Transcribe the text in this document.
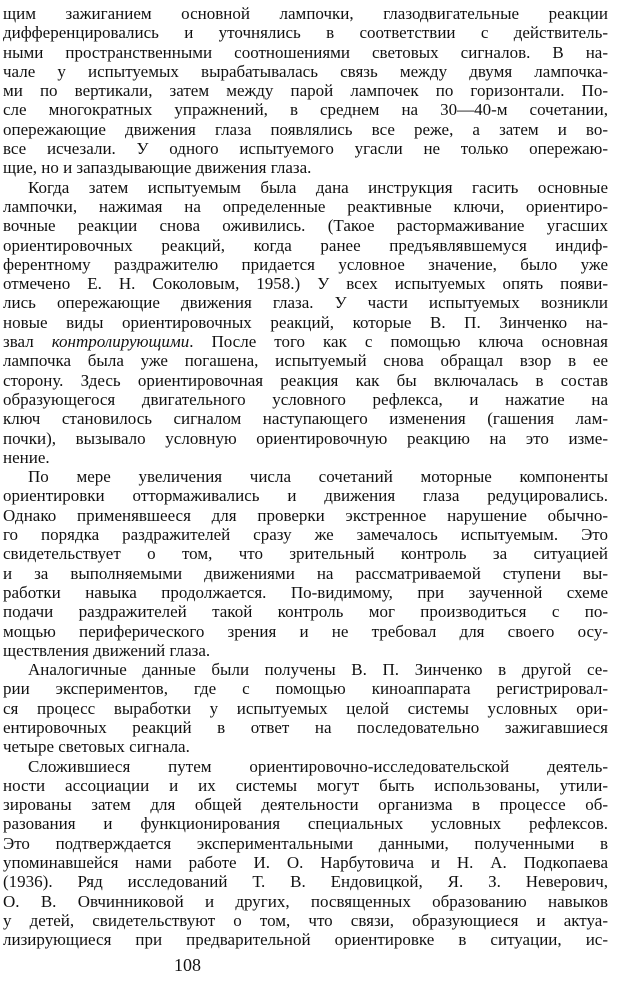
щим зажиганием основной лампочки, глазодвигательные реакции
дифференцировались и уточнялись в соответствии с действитель-
ными пространственными соотношениями световых сигналов. В на-
чале у испытуемых вырабатывалась связь между двумя лампочка-
ми по вертикали, затем между парой лампочек по горизонтали. По-
сле многократных упражнений, в среднем на 30—40-м сочетании,
опережающие движения глаза появлялись все реже, а затем и во-
все исчезали. У одного испытуемого угасли не только опережаю-
щие, но и запаздывающие движения глаза.
Когда затем испытуемым была дана инструкция гасить основные
лампочки, нажимая на определенные реактивные ключи, ориентиро-
вочные реакции снова оживились. (Такое растормаживание угасших
ориентировочных реакций, когда ранее предъявлявшемуся индиф-
ферентному раздражителю придается условное значение, было уже
отмечено Е. Н. Соколовым, 1958.) У всех испытуемых опять появи-
лись опережающие движения глаза. У части испытуемых возникли
новые виды ориентировочных реакций, которые В. П. Зинченко на-
звал контролирующими. После того как с помощью ключа основная
лампочка была уже погашена, испытуемый снова обращал взор в ее
сторону. Здесь ориентировочная реакция как бы включалась в состав
образующегося двигательного условного рефлекса, и нажатие на
ключ становилось сигналом наступающего изменения (гашения лам-
почки), вызывало условную ориентировочную реакцию на это изме-
нение.
По мере увеличения числа сочетаний моторные компоненты
ориентировки оттормаживались и движения глаза редуцировались.
Однако применявшееся для проверки экстренное нарушение обычно-
го порядка раздражителей сразу же замечалось испытуемым. Это
свидетельствует о том, что зрительный контроль за ситуацией
и за выполняемыми движениями на рассматриваемой ступени вы-
работки навыка продолжается. По-видимому, при заученной схеме
подачи раздражителей такой контроль мог производиться с по-
мощью периферического зрения и не требовал для своего осу-
ществления движений глаза.
Аналогичные данные были получены В. П. Зинченко в другой се-
рии экспериментов, где с помощью киноаппарата регистрировал-
ся процесс выработки у испытуемых целой системы условных ори-
ентировочных реакций в ответ на последовательно зажигавшиеся
четыре световых сигнала.
Сложившиеся путем ориентировочно-исследовательской деятель-
ности ассоциации и их системы могут быть использованы, утили-
зированы затем для общей деятельности организма в процессе об-
разования и функционирования специальных условных рефлексов.
Это подтверждается экспериментальными данными, полученными в
упоминавшейся нами работе И. О. Нарбутовича и Н. А. Подкопаева
(1936). Ряд исследований Т. В. Ендовицкой, Я. З. Неверович,
О. В. Овчинниковой и других, посвященных образованию навыков
у детей, свидетельствуют о том, что связи, образующиеся и актуа-
лизирующиеся при предварительной ориентировке в ситуации, ис-
108
